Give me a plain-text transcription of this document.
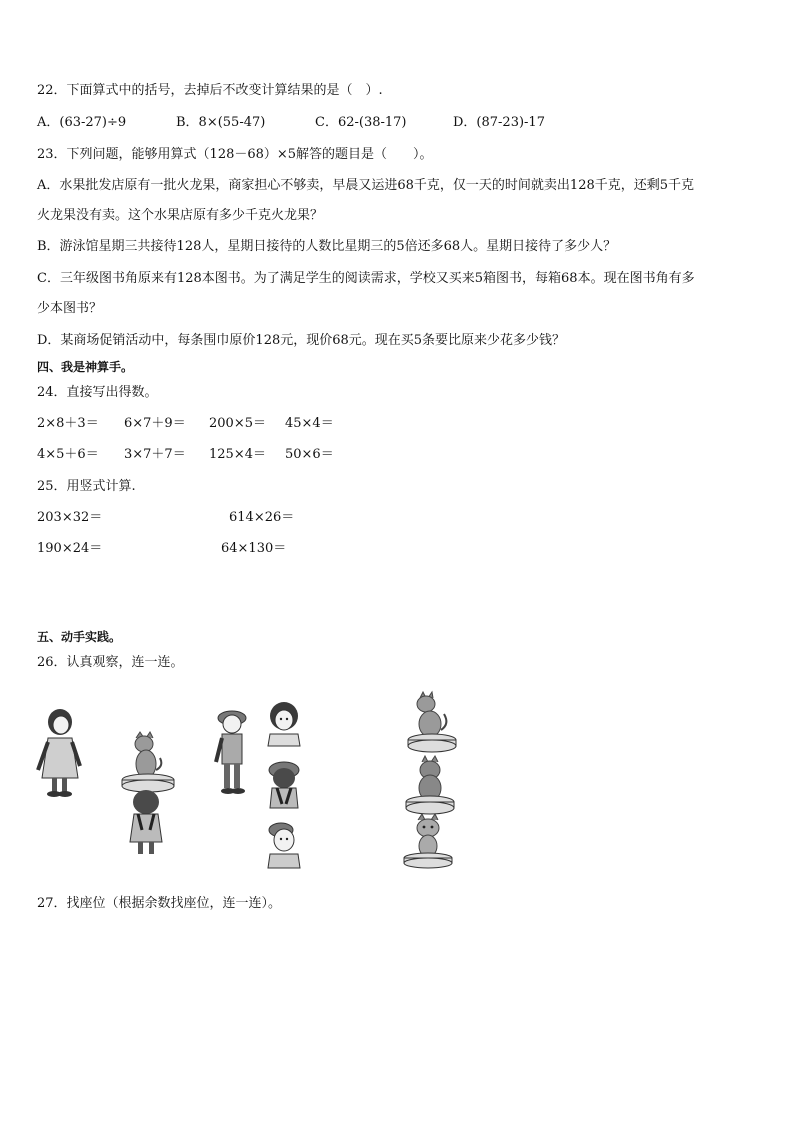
22．下面算式中的括号，去掉后不改变计算结果的是（　）.
A．(63-27)÷9	B．8×(55-47)	C．62-(38-17)	D．(87-23)-17
23．下列问题，能够用算式（128－68）×5解答的题目是（　　）。
A．水果批发店原有一批火龙果，商家担心不够卖，早晨又运进68千克，仅一天的时间就卖出128千克，还剩5千克
火龙果没有卖。这个水果店原有多少千克火龙果？
B．游泳馆星期三共接待128人，星期日接待的人数比星期三的5倍还多68人。星期日接待了多少人？
C．三年级图书角原来有128本图书。为了满足学生的阅读需求，学校又买来5箱图书，每箱68本。现在图书角有多
少本图书？
D．某商场促销活动中，每条围巾原价128元，现价68元。现在买5条要比原来少花多少钱？
四、我是神算手。
24．直接写出得数。
2×8＋3＝ 6×7＋9＝ 200×5＝ 45×4＝
4×5＋6＝ 3×7＋7＝ 125×4＝ 50×6＝
25．用竖式计算.
203×32＝	614×26＝
190×24＝	64×130＝
五、动手实践。
26．认真观察，连一连。
27．找座位（根据余数找座位，连一连）。
